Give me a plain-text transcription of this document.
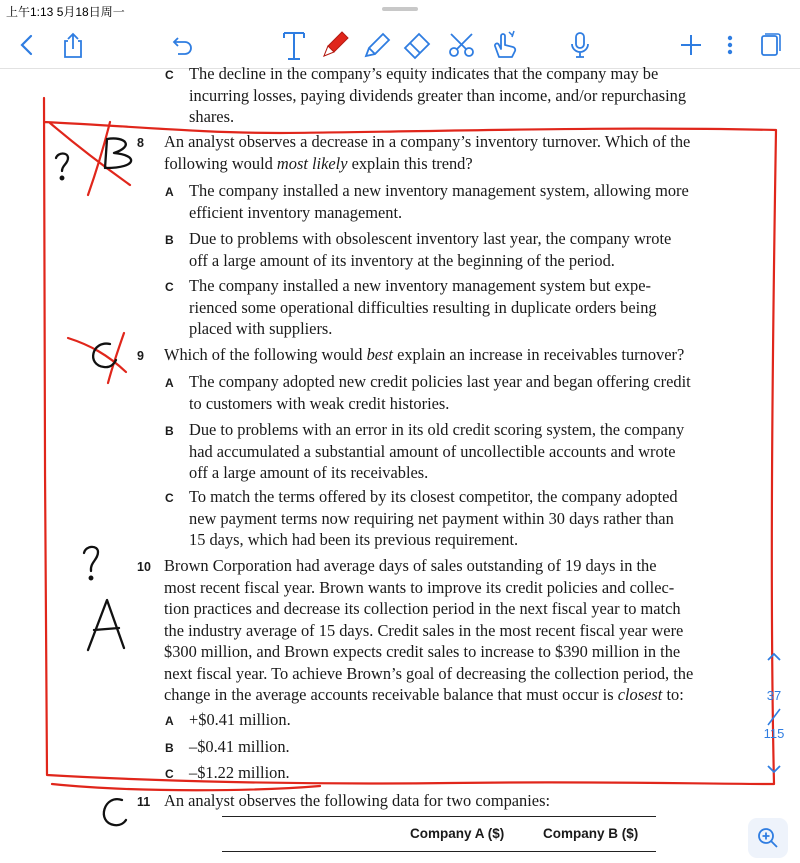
上午1:13 5月18日周一
C The decline in the company’s equity indicates that the company may be
incurring losses, paying dividends greater than income, and/or repurchasing
shares.
8 An analyst observes a decrease in a company’s inventory turnover. Which of the
following would most likely explain this trend?
A The company installed a new inventory management system, allowing more
efficient inventory management.
B Due to problems with obsolescent inventory last year, the company wrote
off a large amount of its inventory at the beginning of the period.
C The company installed a new inventory management system but expe-
rienced some operational difficulties resulting in duplicate orders being
placed with suppliers.
9 Which of the following would best explain an increase in receivables turnover?
A The company adopted new credit policies last year and began offering credit
to customers with weak credit histories.
B Due to problems with an error in its old credit scoring system, the company
had accumulated a substantial amount of uncollectible accounts and wrote
off a large amount of its receivables.
C To match the terms offered by its closest competitor, the company adopted
new payment terms now requiring net payment within 30 days rather than
15 days, which had been its previous requirement.
10 Brown Corporation had average days of sales outstanding of 19 days in the
most recent fiscal year. Brown wants to improve its credit policies and collec-
tion practices and decrease its collection period in the next fiscal year to match
the industry average of 15 days. Credit sales in the most recent fiscal year were
$300 million, and Brown expects credit sales to increase to $390 million in the
next fiscal year. To achieve Brown’s goal of decreasing the collection period, the
change in the average accounts receivable balance that must occur is closest to:
A +$0.41 million.
B –$0.41 million.
C –$1.22 million.
11 An analyst observes the following data for two companies:
Company A ($)	Company B ($)
37
115
